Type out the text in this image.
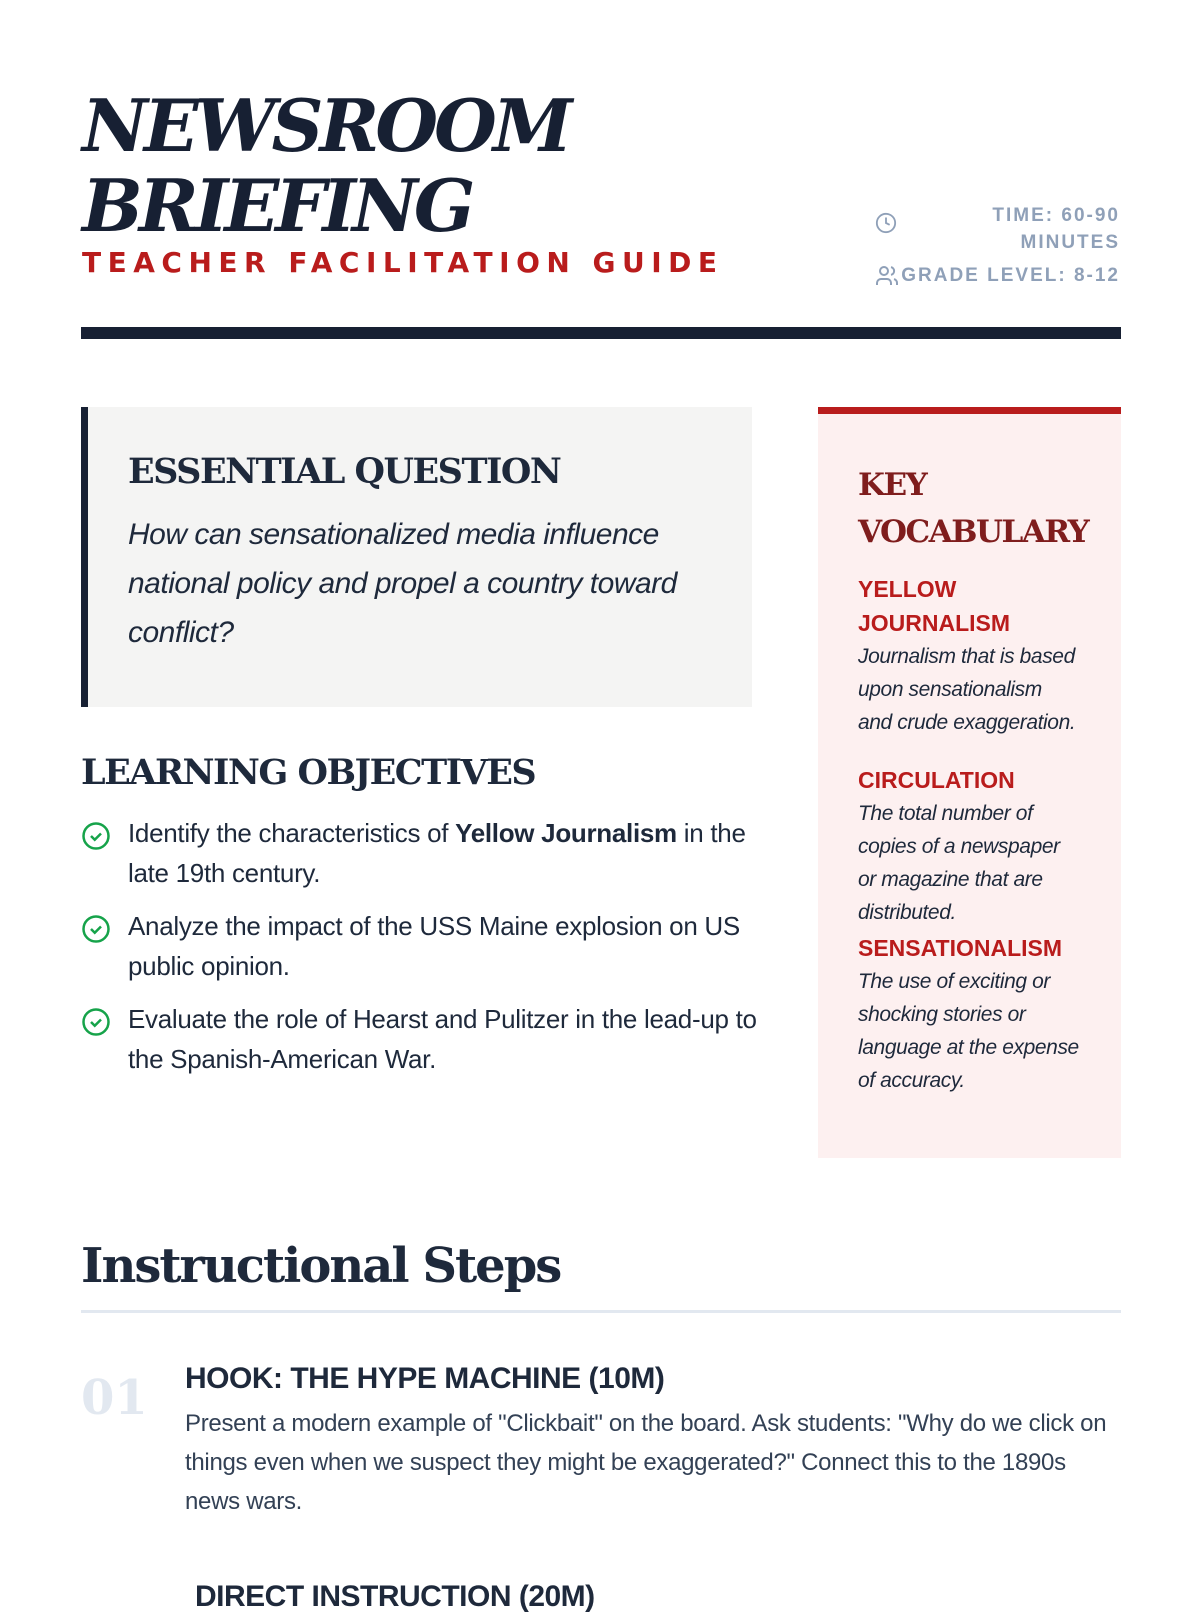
NEWSROOM
BRIEFING
TEACHER FACILITATION GUIDE
TIME: 60-90 MINUTES
GRADE LEVEL: 8-12
ESSENTIAL QUESTION

How can sensationalized media influence national policy and propel a country toward conflict?

LEARNING OBJECTIVES
Identify the characteristics of Yellow Journalism in the late 19th century.
Analyze the impact of the USS Maine explosion on US public opinion.
Evaluate the role of Hearst and Pulitzer in the lead-up to the Spanish-American War.
KEY VOCABULARY
YELLOW JOURNALISM
Journalism that is based upon sensationalism and crude exaggeration.
CIRCULATION
The total number of copies of a newspaper or magazine that are distributed.
SENSATIONALISM
The use of exciting or shocking stories or language at the expense of accuracy.
Instructional Steps
01 HOOK: THE HYPE MACHINE (10M)

Present a modern example of "Clickbait" on the board. Ask students: "Why do we click on things even when we suspect they might be exaggerated?" Connect this to the 1890s news wars.

DIRECT INSTRUCTION (20M)
